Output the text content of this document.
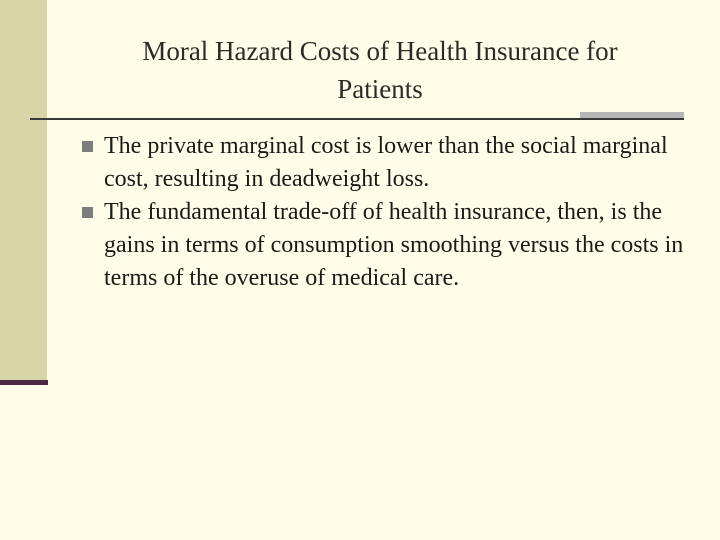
Moral Hazard Costs of Health Insurance for
Patients
The private marginal cost is lower than the social marginal cost, resulting in deadweight loss.
The fundamental trade-off of health insurance, then, is the gains in terms of consumption smoothing versus the costs in terms of the overuse of medical care.
